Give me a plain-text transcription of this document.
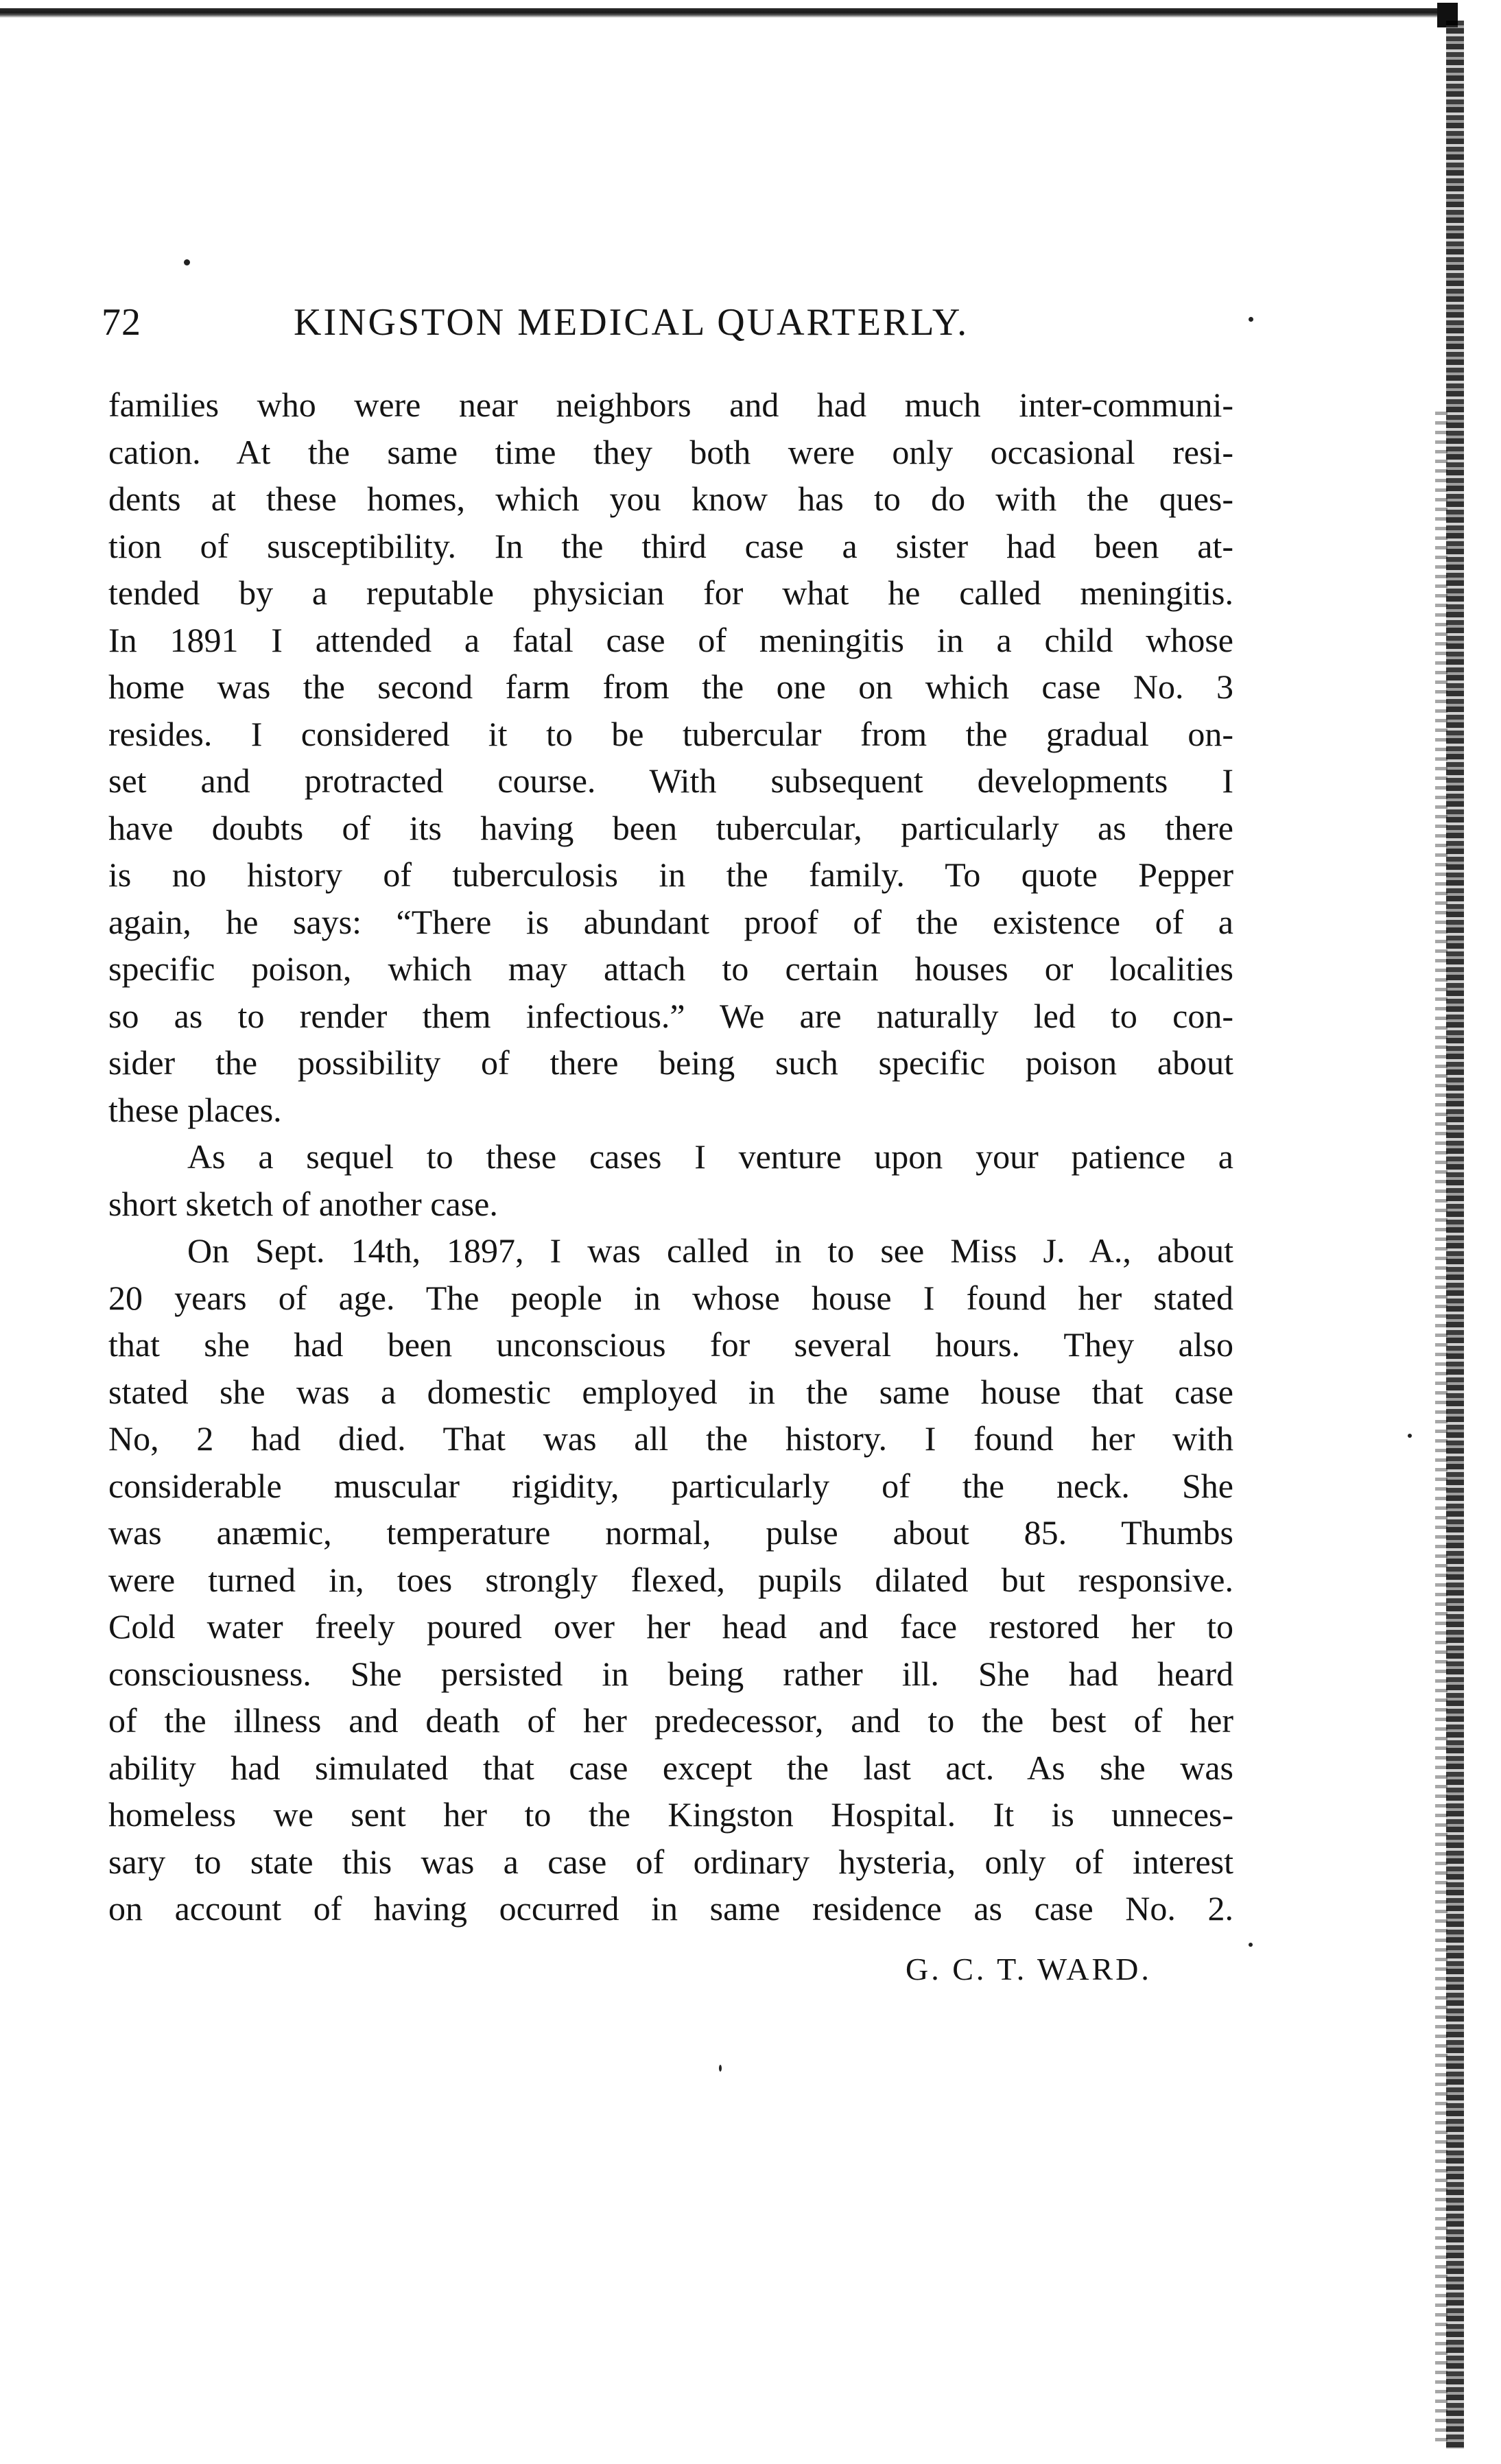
72	KINGSTON MEDICAL QUARTERLY.
families who were near neighbors and had much inter-communi-
cation. At the same time they both were only occasional resi-
dents at these homes, which you know has to do with the ques-
tion of susceptibility. In the third case a sister had been at-
tended by a reputable physician for what he called meningitis.
In 1891 I attended a fatal case of meningitis in a child whose
home was the second farm from the one on which case No. 3
resides. I considered it to be tubercular from the gradual on-
set and protracted course. With subsequent developments I
have doubts of its having been tubercular, particularly as there
is no history of tuberculosis in the family. To quote Pepper
again, he says: “There is abundant proof of the existence of a
specific poison, which may attach to certain houses or localities
so as to render them infectious.” We are naturally led to con-
sider the possibility of there being such specific poison about
these places.
As a sequel to these cases I venture upon your patience a
short sketch of another case.
On Sept. 14th, 1897, I was called in to see Miss J. A., about
20 years of age. The people in whose house I found her stated
that she had been unconscious for several hours. They also
stated she was a domestic employed in the same house that case
No, 2 had died. That was all the history. I found her with
considerable muscular rigidity, particularly of the neck. She
was anæmic, temperature normal, pulse about 85. Thumbs
were turned in, toes strongly flexed, pupils dilated but responsive.
Cold water freely poured over her head and face restored her to
consciousness. She persisted in being rather ill. She had heard
of the illness and death of her predecessor, and to the best of her
ability had simulated that case except the last act. As she was
homeless we sent her to the Kingston Hospital. It is unneces-
sary to state this was a case of ordinary hysteria, only of interest
on account of having occurred in same residence as case No. 2.
G. C. T. WARD.
